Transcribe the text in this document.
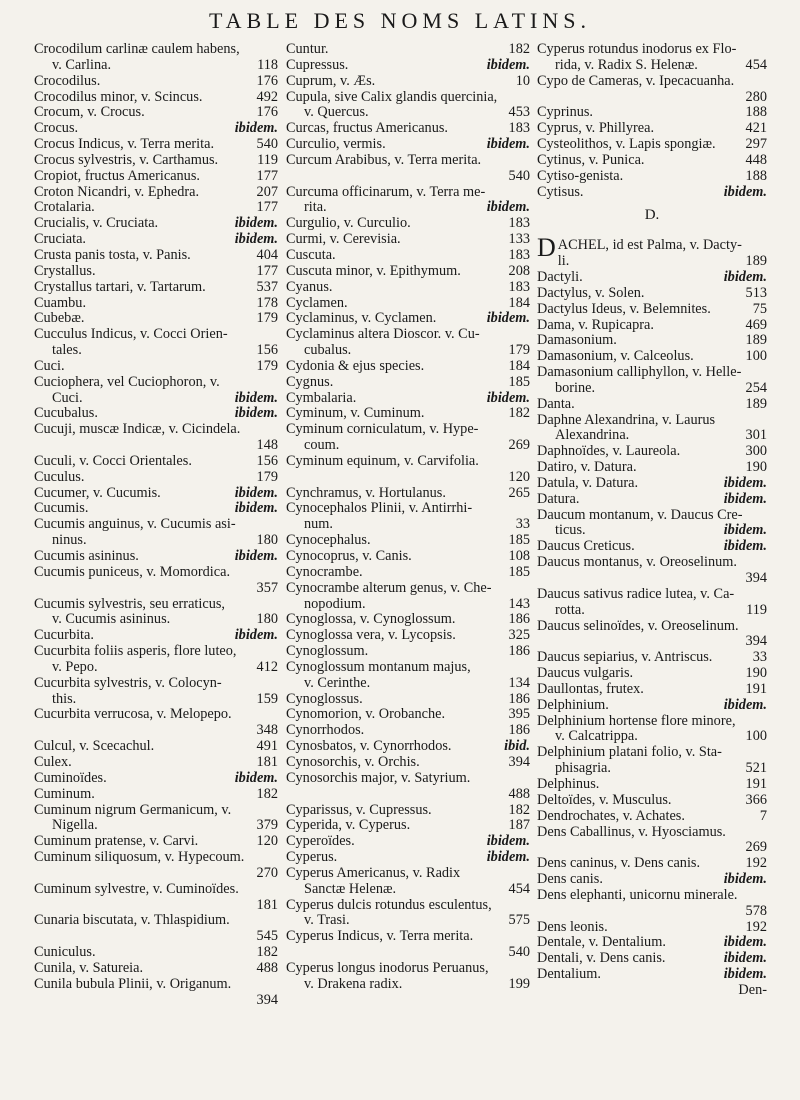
TABLE DES NOMS LATINS.
Crocodilum carlinæ caulem habens,
118
v. Carlina.
176
Crocodilus.
492
Crocodilus minor, v. Scincus.
176
Crocum, v. Crocus.
ibidem.
Crocus.
540
Crocus Indicus, v. Terra merita.
119
Crocus sylvestris, v. Carthamus.
177
Cropiot, fructus Americanus.
207
Croton Nicandri, v. Ephedra.
177
Crotalaria.
ibidem.
Crucialis, v. Cruciata.
ibidem.
Cruciata.
404
Crusta panis tosta, v. Panis.
177
Crystallus.
537
Crystallus tartari, v. Tartarum.
178
Cuambu.
179
Cubebæ.
Cucculus Indicus, v. Cocci Orien-
156
tales.
179
Cuci.
Cuciophera, vel Cuciophoron, v.
ibidem.
Cuci.
ibidem.
Cucubalus.
Cucuji, muscæ Indicæ, v. Cicindela.
148
156
Cuculi, v. Cocci Orientales.
179
Cuculus.
ibidem.
Cucumer, v. Cucumis.
ibidem.
Cucumis.
Cucumis anguinus, v. Cucumis asi-
180
ninus.
ibidem.
Cucumis asininus.
Cucumis puniceus, v. Momordica.
357
Cucumis sylvestris, seu erraticus,
180
v. Cucumis asininus.
ibidem.
Cucurbita.
Cucurbita foliis asperis, flore luteo,
412
v. Pepo.
Cucurbita sylvestris, v. Colocyn-
159
this.
Cucurbita verrucosa, v. Melopepo.
348
491
Culcul, v. Scecachul.
181
Culex.
ibidem.
Cuminoïdes.
182
Cuminum.
Cuminum nigrum Germanicum, v.
379
Nigella.
120
Cuminum pratense, v. Carvi.
Cuminum siliquosum, v. Hypecoum.
270
Cuminum sylvestre, v. Cuminoïdes.
181
Cunaria biscutata, v. Thlaspidium.
545
182
Cuniculus.
488
Cunila, v. Satureia.
Cunila bubula Plinii, v. Origanum.
394
182
Cuntur.
ibidem.
Cupressus.
10
Cuprum, v. Æs.
Cupula, sive Calix glandis quercinia,
453
v. Quercus.
183
Curcas, fructus Americanus.
ibidem.
Curculio, vermis.
Curcum Arabibus, v. Terra merita.
540
Curcuma officinarum, v. Terra me-
ibidem.
rita.
183
Curgulio, v. Curculio.
133
Curmi, v. Cerevisia.
183
Cuscuta.
208
Cuscuta minor, v. Epithymum.
183
Cyanus.
184
Cyclamen.
ibidem.
Cyclaminus, v. Cyclamen.
Cyclaminus altera Dioscor. v. Cu-
179
cubalus.
184
Cydonia & ejus species.
185
Cygnus.
ibidem.
Cymbalaria.
182
Cyminum, v. Cuminum.
Cyminum corniculatum, v. Hype-
269
coum.
Cyminum equinum, v. Carvifolia.
120
265
Cynchramus, v. Hortulanus.
Cynocephalos Plinii, v. Antirrhi-
33
num.
185
Cynocephalus.
108
Cynocoprus, v. Canis.
185
Cynocrambe.
Cynocrambe alterum genus, v. Che-
143
nopodium.
186
Cynoglossa, v. Cynoglossum.
325
Cynoglossa vera, v. Lycopsis.
186
Cynoglossum.
Cynoglossum montanum majus,
134
v. Cerinthe.
186
Cynoglossus.
395
Cynomorion, v. Orobanche.
186
Cynorrhodos.
ibid.
Cynosbatos, v. Cynorrhodos.
394
Cynosorchis, v. Orchis.
Cynosorchis major, v. Satyrium.
488
182
Cyparissus, v. Cupressus.
187
Cyperida, v. Cyperus.
ibidem.
Cyperoïdes.
ibidem.
Cyperus.
Cyperus Americanus, v. Radix
454
Sanctæ Helenæ.
Cyperus dulcis rotundus esculentus,
575
v. Trasi.
Cyperus Indicus, v. Terra merita.
540
Cyperus longus inodorus Peruanus,
199
v. Drakena radix.
Cyperus rotundus inodorus ex Flo-
454
rida, v. Radix S. Helenæ.
Cypo de Cameras, v. Ipecacuanha.
280
188
Cyprinus.
421
Cyprus, v. Phillyrea.
297
Cysteolithos, v. Lapis spongiæ.
448
Cytinus, v. Punica.
188
Cytiso-genista.
ibidem.
Cytisus.
D.
DACHEL, id est Palma, v. Dacty-
189
li.
ibidem.
Dactyli.
513
Dactylus, v. Solen.
75
Dactylus Ideus, v. Belemnites.
469
Dama, v. Rupicapra.
189
Damasonium.
100
Damasonium, v. Calceolus.
Damasonium calliphyllon, v. Helle-
254
borine.
189
Danta.
Daphne Alexandrina, v. Laurus
301
Alexandrina.
300
Daphnoïdes, v. Laureola.
190
Datiro, v. Datura.
ibidem.
Datula, v. Datura.
ibidem.
Datura.
Daucum montanum, v. Daucus Cre-
ibidem.
ticus.
ibidem.
Daucus Creticus.
Daucus montanus, v. Oreoselinum.
394
Daucus sativus radice lutea, v. Ca-
119
rotta.
Daucus selinoïdes, v. Oreoselinum.
394
33
Daucus sepiarius, v. Antriscus.
190
Daucus vulgaris.
191
Daullontas, frutex.
ibidem.
Delphinium.
Delphinium hortense flore minore,
100
v. Calcatrippa.
Delphinium platani folio, v. Sta-
521
phisagria.
191
Delphinus.
366
Deltoïdes, v. Musculus.
7
Dendrochates, v. Achates.
Dens Caballinus, v. Hyosciamus.
269
192
Dens caninus, v. Dens canis.
ibidem.
Dens canis.
Dens elephanti, unicornu minerale.
578
192
Dens leonis.
ibidem.
Dentale, v. Dentalium.
ibidem.
Dentali, v. Dens canis.
ibidem.
Dentalium.
Den-
